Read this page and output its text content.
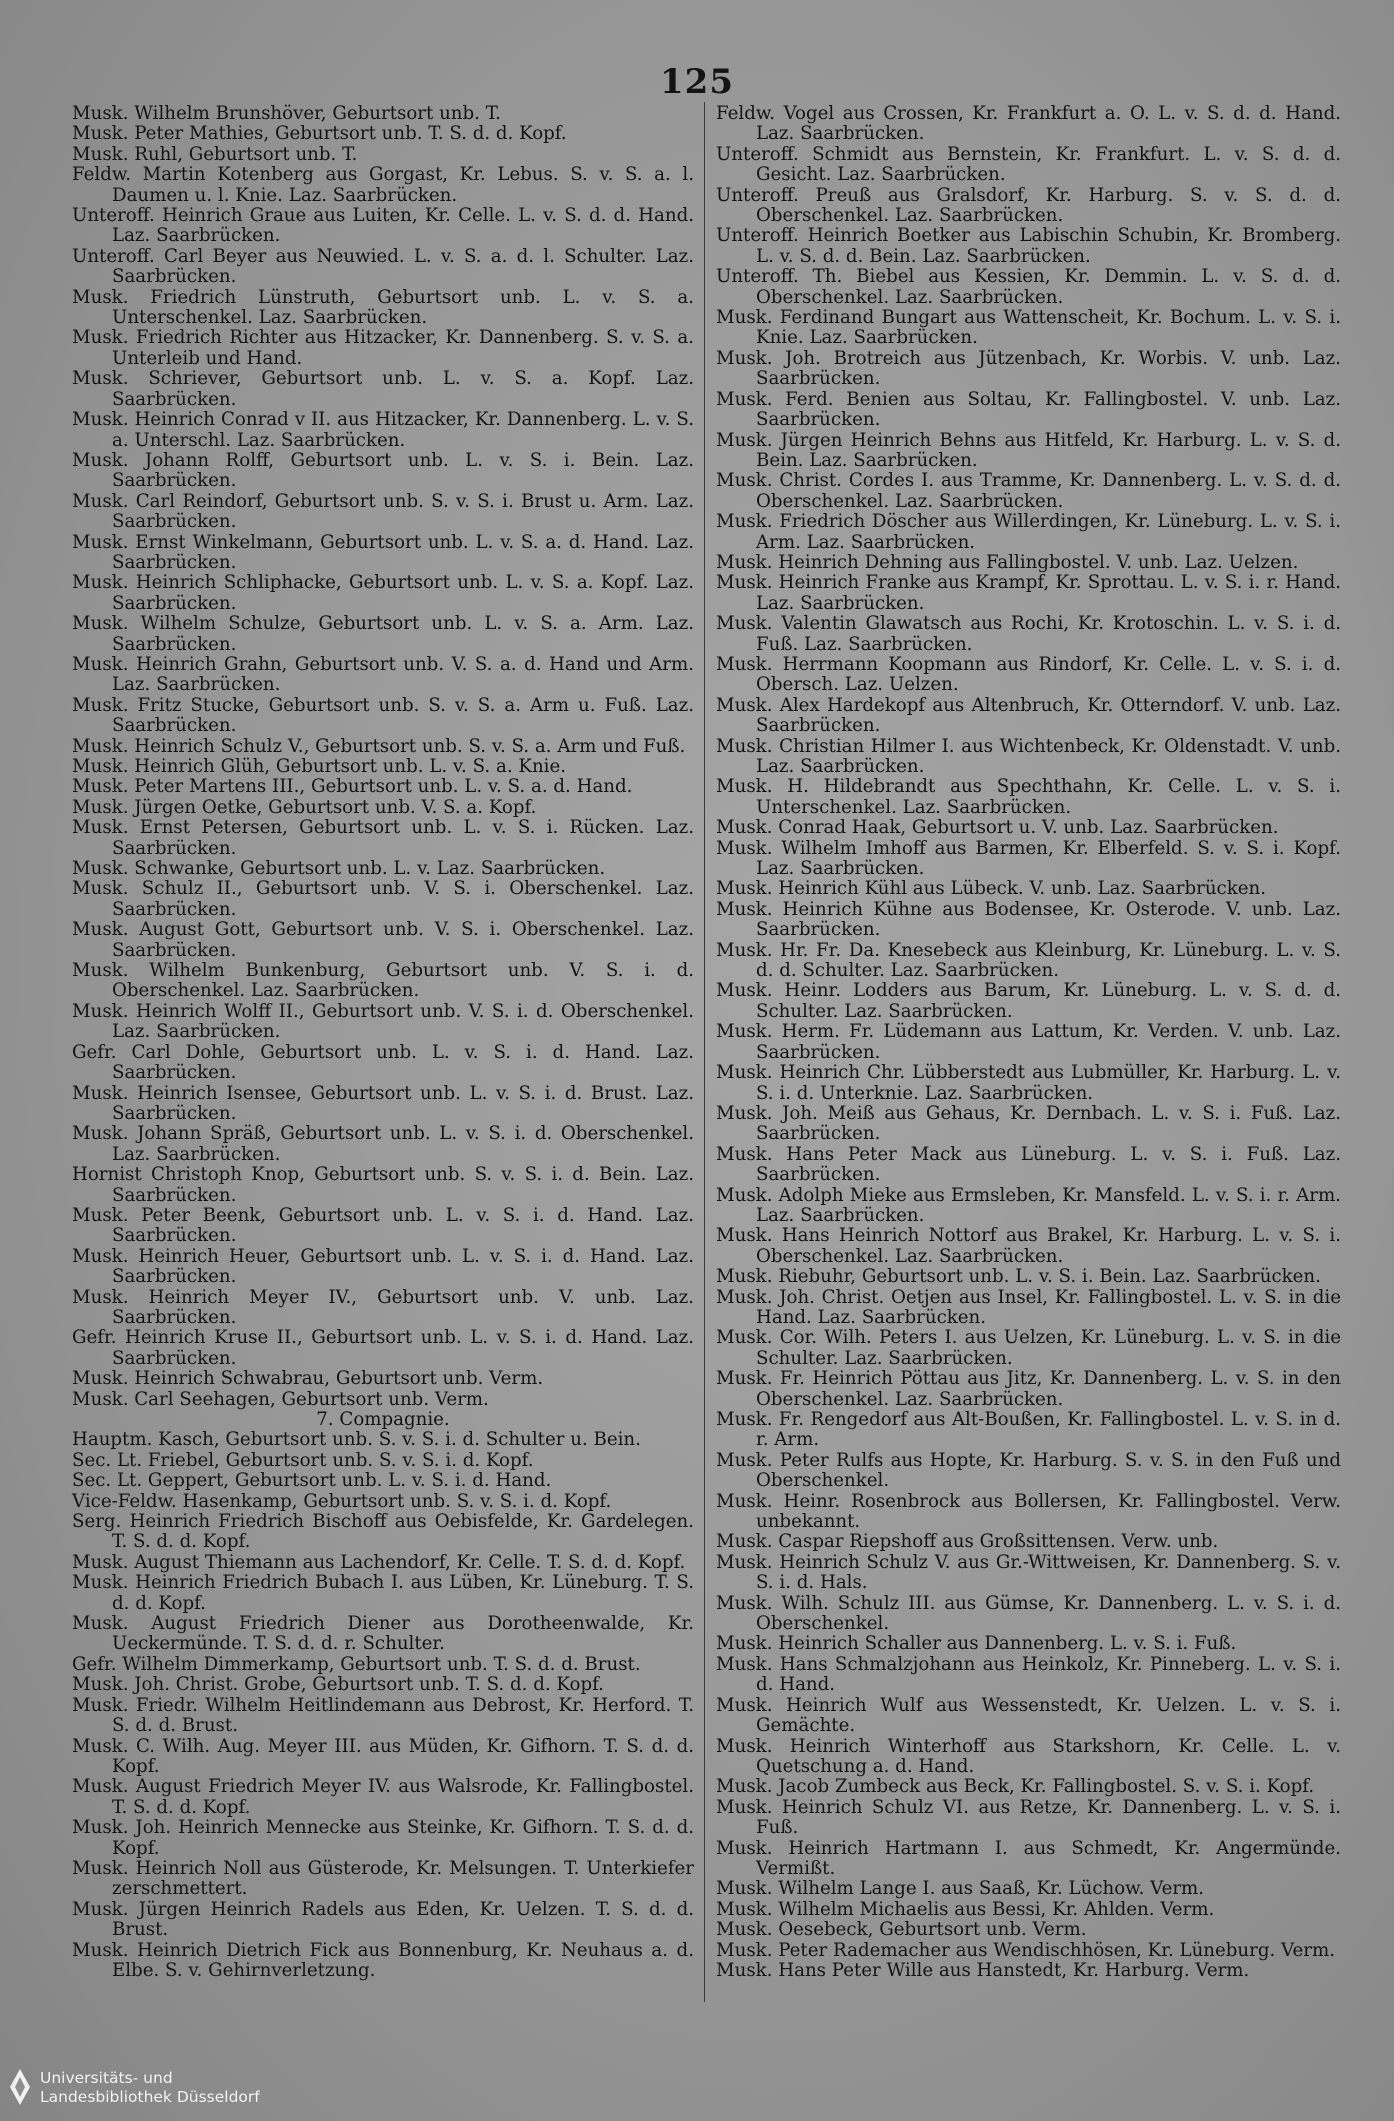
125
Musk. Wilhelm Brunshöver, Geburtsort unb. T.
Musk. Peter Mathies, Geburtsort unb. T. S. d. d. Kopf.
Musk. Ruhl, Geburtsort unb. T.
Feldw. Martin Kotenberg aus Gorgast, Kr. Lebus. S. v. S. a. l. Daumen u. l. Knie. Laz. Saarbrücken.
Unteroff. Heinrich Graue aus Luiten, Kr. Celle. L. v. S. d. d. Hand. Laz. Saarbrücken.
Unteroff. Carl Beyer aus Neuwied. L. v. S. a. d. l. Schulter. Laz. Saarbrücken.
Musk. Friedrich Lünstruth, Geburtsort unb. L. v. S. a. Unterschenkel. Laz. Saarbrücken.
Musk. Friedrich Richter aus Hitzacker, Kr. Dannenberg. S. v. S. a. Unterleib und Hand.
Musk. Schriever, Geburtsort unb. L. v. S. a. Kopf. Laz. Saarbrücken.
Musk. Heinrich Conrad v II. aus Hitzacker, Kr. Dannenberg. L. v. S. a. Unterschl. Laz. Saarbrücken.
Musk. Johann Rolff, Geburtsort unb. L. v. S. i. Bein. Laz. Saarbrücken.
Musk. Carl Reindorf, Geburtsort unb. S. v. S. i. Brust u. Arm. Laz. Saarbrücken.
Musk. Ernst Winkelmann, Geburtsort unb. L. v. S. a. d. Hand. Laz. Saarbrücken.
Musk. Heinrich Schliphacke, Geburtsort unb. L. v. S. a. Kopf. Laz. Saarbrücken.
Musk. Wilhelm Schulze, Geburtsort unb. L. v. S. a. Arm. Laz. Saarbrücken.
Musk. Heinrich Grahn, Geburtsort unb. V. S. a. d. Hand und Arm. Laz. Saarbrücken.
Musk. Fritz Stucke, Geburtsort unb. S. v. S. a. Arm u. Fuß. Laz. Saarbrücken.
Musk. Heinrich Schulz V., Geburtsort unb. S. v. S. a. Arm und Fuß.
Musk. Heinrich Glüh, Geburtsort unb. L. v. S. a. Knie.
Musk. Peter Martens III., Geburtsort unb. L. v. S. a. d. Hand.
Musk. Jürgen Oetke, Geburtsort unb. V. S. a. Kopf.
Musk. Ernst Petersen, Geburtsort unb. L. v. S. i. Rücken. Laz. Saarbrücken.
Musk. Schwanke, Geburtsort unb. L. v. Laz. Saarbrücken.
Musk. Schulz II., Geburtsort unb. V. S. i. Oberschenkel. Laz. Saarbrücken.
Musk. August Gott, Geburtsort unb. V. S. i. Oberschenkel. Laz. Saarbrücken.
Musk. Wilhelm Bunkenburg, Geburtsort unb. V. S. i. d. Oberschenkel. Laz. Saarbrücken.
Musk. Heinrich Wolff II., Geburtsort unb. V. S. i. d. Oberschenkel. Laz. Saarbrücken.
Gefr. Carl Dohle, Geburtsort unb. L. v. S. i. d. Hand. Laz. Saarbrücken.
Musk. Heinrich Isensee, Geburtsort unb. L. v. S. i. d. Brust. Laz. Saarbrücken.
Musk. Johann Spräß, Geburtsort unb. L. v. S. i. d. Oberschenkel. Laz. Saarbrücken.
Hornist Christoph Knop, Geburtsort unb. S. v. S. i. d. Bein. Laz. Saarbrücken.
Musk. Peter Beenk, Geburtsort unb. L. v. S. i. d. Hand. Laz. Saarbrücken.
Musk. Heinrich Heuer, Geburtsort unb. L. v. S. i. d. Hand. Laz. Saarbrücken.
Musk. Heinrich Meyer IV., Geburtsort unb. V. unb. Laz. Saarbrücken.
Gefr. Heinrich Kruse II., Geburtsort unb. L. v. S. i. d. Hand. Laz. Saarbrücken.
Musk. Heinrich Schwabrau, Geburtsort unb. Verm.
Musk. Carl Seehagen, Geburtsort unb. Verm.
7. Compagnie.
Hauptm. Kasch, Geburtsort unb. S. v. S. i. d. Schulter u. Bein.
Sec. Lt. Friebel, Geburtsort unb. S. v. S. i. d. Kopf.
Sec. Lt. Geppert, Geburtsort unb. L. v. S. i. d. Hand.
Vice-Feldw. Hasenkamp, Geburtsort unb. S. v. S. i. d. Kopf.
Serg. Heinrich Friedrich Bischoff aus Oebisfelde, Kr. Gardelegen. T. S. d. d. Kopf.
Musk. August Thiemann aus Lachendorf, Kr. Celle. T. S. d. d. Kopf.
Musk. Heinrich Friedrich Bubach I. aus Lüben, Kr. Lüneburg. T. S. d. d. Kopf.
Musk. August Friedrich Diener aus Dorotheenwalde, Kr. Ueckermünde. T. S. d. d. r. Schulter.
Gefr. Wilhelm Dimmerkamp, Geburtsort unb. T. S. d. d. Brust.
Musk. Joh. Christ. Grobe, Geburtsort unb. T. S. d. d. Kopf.
Musk. Friedr. Wilhelm Heitlindemann aus Debrost, Kr. Herford. T. S. d. d. Brust.
Musk. C. Wilh. Aug. Meyer III. aus Müden, Kr. Gifhorn. T. S. d. d. Kopf.
Musk. August Friedrich Meyer IV. aus Walsrode, Kr. Fallingbostel. T. S. d. d. Kopf.
Musk. Joh. Heinrich Mennecke aus Steinke, Kr. Gifhorn. T. S. d. d. Kopf.
Musk. Heinrich Noll aus Güsterode, Kr. Melsungen. T. Unterkiefer zerschmettert.
Musk. Jürgen Heinrich Radels aus Eden, Kr. Uelzen. T. S. d. d. Brust.
Musk. Heinrich Dietrich Fick aus Bonnenburg, Kr. Neuhaus a. d. Elbe. S. v. Gehirnverletzung.
Feldw. Vogel aus Crossen, Kr. Frankfurt a. O. L. v. S. d. d. Hand. Laz. Saarbrücken.
Unteroff. Schmidt aus Bernstein, Kr. Frankfurt. L. v. S. d. d. Gesicht. Laz. Saarbrücken.
Unteroff. Preuß aus Gralsdorf, Kr. Harburg. S. v. S. d. d. Oberschenkel. Laz. Saarbrücken.
Unteroff. Heinrich Boetker aus Labischin Schubin, Kr. Bromberg. L. v. S. d. d. Bein. Laz. Saarbrücken.
Unteroff. Th. Biebel aus Kessien, Kr. Demmin. L. v. S. d. d. Oberschenkel. Laz. Saarbrücken.
Musk. Ferdinand Bungart aus Wattenscheit, Kr. Bochum. L. v. S. i. Knie. Laz. Saarbrücken.
Musk. Joh. Brotreich aus Jützenbach, Kr. Worbis. V. unb. Laz. Saarbrücken.
Musk. Ferd. Benien aus Soltau, Kr. Fallingbostel. V. unb. Laz. Saarbrücken.
Musk. Jürgen Heinrich Behns aus Hitfeld, Kr. Harburg. L. v. S. d. Bein. Laz. Saarbrücken.
Musk. Christ. Cordes I. aus Tramme, Kr. Dannenberg. L. v. S. d. d. Oberschenkel. Laz. Saarbrücken.
Musk. Friedrich Döscher aus Willerdingen, Kr. Lüneburg. L. v. S. i. Arm. Laz. Saarbrücken.
Musk. Heinrich Dehning aus Fallingbostel. V. unb. Laz. Uelzen.
Musk. Heinrich Franke aus Krampf, Kr. Sprottau. L. v. S. i. r. Hand. Laz. Saarbrücken.
Musk. Valentin Glawatsch aus Rochi, Kr. Krotoschin. L. v. S. i. d. Fuß. Laz. Saarbrücken.
Musk. Herrmann Koopmann aus Rindorf, Kr. Celle. L. v. S. i. d. Obersch. Laz. Uelzen.
Musk. Alex Hardekopf aus Altenbruch, Kr. Otterndorf. V. unb. Laz. Saarbrücken.
Musk. Christian Hilmer I. aus Wichtenbeck, Kr. Oldenstadt. V. unb. Laz. Saarbrücken.
Musk. H. Hildebrandt aus Spechthahn, Kr. Celle. L. v. S. i. Unterschenkel. Laz. Saarbrücken.
Musk. Conrad Haak, Geburtsort u. V. unb. Laz. Saarbrücken.
Musk. Wilhelm Imhoff aus Barmen, Kr. Elberfeld. S. v. S. i. Kopf. Laz. Saarbrücken.
Musk. Heinrich Kühl aus Lübeck. V. unb. Laz. Saarbrücken.
Musk. Heinrich Kühne aus Bodensee, Kr. Osterode. V. unb. Laz. Saarbrücken.
Musk. Hr. Fr. Da. Knesebeck aus Kleinburg, Kr. Lüneburg. L. v. S. d. d. Schulter. Laz. Saarbrücken.
Musk. Heinr. Lodders aus Barum, Kr. Lüneburg. L. v. S. d. d. Schulter. Laz. Saarbrücken.
Musk. Herm. Fr. Lüdemann aus Lattum, Kr. Verden. V. unb. Laz. Saarbrücken.
Musk. Heinrich Chr. Lübberstedt aus Lubmüller, Kr. Harburg. L. v. S. i. d. Unterknie. Laz. Saarbrücken.
Musk. Joh. Meiß aus Gehaus, Kr. Dernbach. L. v. S. i. Fuß. Laz. Saarbrücken.
Musk. Hans Peter Mack aus Lüneburg. L. v. S. i. Fuß. Laz. Saarbrücken.
Musk. Adolph Mieke aus Ermsleben, Kr. Mansfeld. L. v. S. i. r. Arm. Laz. Saarbrücken.
Musk. Hans Heinrich Nottorf aus Brakel, Kr. Harburg. L. v. S. i. Oberschenkel. Laz. Saarbrücken.
Musk. Riebuhr, Geburtsort unb. L. v. S. i. Bein. Laz. Saarbrücken.
Musk. Joh. Christ. Oetjen aus Insel, Kr. Fallingbostel. L. v. S. in die Hand. Laz. Saarbrücken.
Musk. Cor. Wilh. Peters I. aus Uelzen, Kr. Lüneburg. L. v. S. in die Schulter. Laz. Saarbrücken.
Musk. Fr. Heinrich Pöttau aus Jitz, Kr. Dannenberg. L. v. S. in den Oberschenkel. Laz. Saarbrücken.
Musk. Fr. Rengedorf aus Alt-Boußen, Kr. Fallingbostel. L. v. S. in d. r. Arm.
Musk. Peter Rulfs aus Hopte, Kr. Harburg. S. v. S. in den Fuß und Oberschenkel.
Musk. Heinr. Rosenbrock aus Bollersen, Kr. Fallingbostel. Verw. unbekannt.
Musk. Caspar Riepshoff aus Großsittensen. Verw. unb.
Musk. Heinrich Schulz V. aus Gr.-Wittweisen, Kr. Dannenberg. S. v. S. i. d. Hals.
Musk. Wilh. Schulz III. aus Gümse, Kr. Dannenberg. L. v. S. i. d. Oberschenkel.
Musk. Heinrich Schaller aus Dannenberg. L. v. S. i. Fuß.
Musk. Hans Schmalzjohann aus Heinkolz, Kr. Pinneberg. L. v. S. i. d. Hand.
Musk. Heinrich Wulf aus Wessenstedt, Kr. Uelzen. L. v. S. i. Gemächte.
Musk. Heinrich Winterhoff aus Starkshorn, Kr. Celle. L. v. Quetschung a. d. Hand.
Musk. Jacob Zumbeck aus Beck, Kr. Fallingbostel. S. v. S. i. Kopf.
Musk. Heinrich Schulz VI. aus Retze, Kr. Dannenberg. L. v. S. i. Fuß.
Musk. Heinrich Hartmann I. aus Schmedt, Kr. Angermünde. Vermißt.
Musk. Wilhelm Lange I. aus Saaß, Kr. Lüchow. Verm.
Musk. Wilhelm Michaelis aus Bessi, Kr. Ahlden. Verm.
Musk. Oesebeck, Geburtsort unb. Verm.
Musk. Peter Rademacher aus Wendischhösen, Kr. Lüneburg. Verm.
Musk. Hans Peter Wille aus Hanstedt, Kr. Harburg. Verm.
Universitäts- und
Landesbibliothek Düsseldorf
